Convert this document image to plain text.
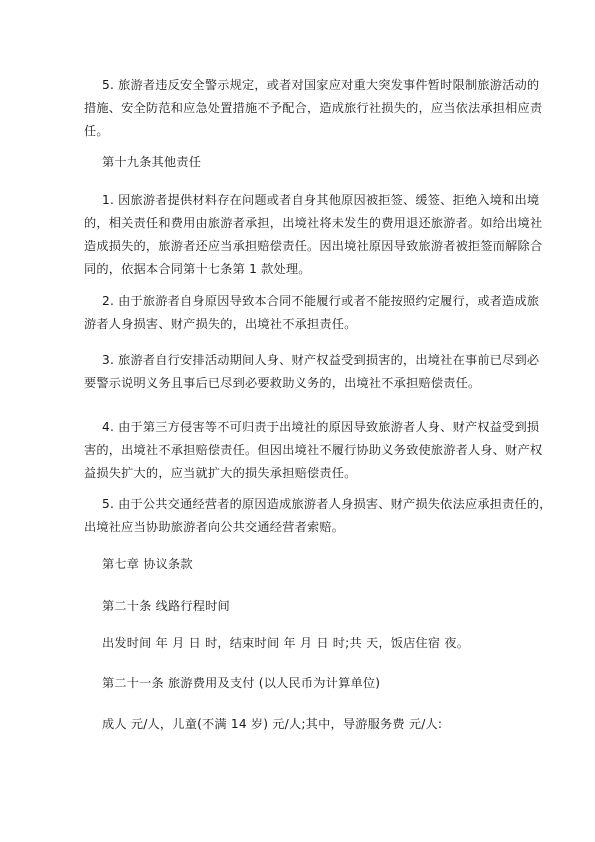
5. 旅游者违反安全警示规定，或者对国家应对重大突发事件暂时限制旅游活动的
措施、安全防范和应急处置措施不予配合，造成旅行社损失的，应当依法承担相应责
任。
第十九条其他责任
1. 因旅游者提供材料存在问题或者自身其他原因被拒签、缓签、拒绝入境和出境
的，相关责任和费用由旅游者承担，出境社将未发生的费用退还旅游者。如给出境社
造成损失的，旅游者还应当承担赔偿责任。因出境社原因导致旅游者被拒签而解除合
同的，依据本合同第十七条第 1 款处理。
2. 由于旅游者自身原因导致本合同不能履行或者不能按照约定履行，或者造成旅
游者人身损害、财产损失的，出境社不承担责任。
3. 旅游者自行安排活动期间人身、财产权益受到损害的，出境社在事前已尽到必
要警示说明义务且事后已尽到必要救助义务的，出境社不承担赔偿责任。
4. 由于第三方侵害等不可归责于出境社的原因导致旅游者人身、财产权益受到损
害的，出境社不承担赔偿责任。但因出境社不履行协助义务致使旅游者人身、财产权
益损失扩大的，应当就扩大的损失承担赔偿责任。
5. 由于公共交通经营者的原因造成旅游者人身损害、财产损失依法应承担责任的，
出境社应当协助旅游者向公共交通经营者索赔。
第七章 协议条款
第二十条 线路行程时间
出发时间 年 月 日 时，结束时间 年 月 日 时;共 天，饭店住宿 夜。
第二十一条 旅游费用及支付 (以人民币为计算单位)
成人 元/人，儿童(不满 14 岁) 元/人;其中，导游服务费 元/人:
